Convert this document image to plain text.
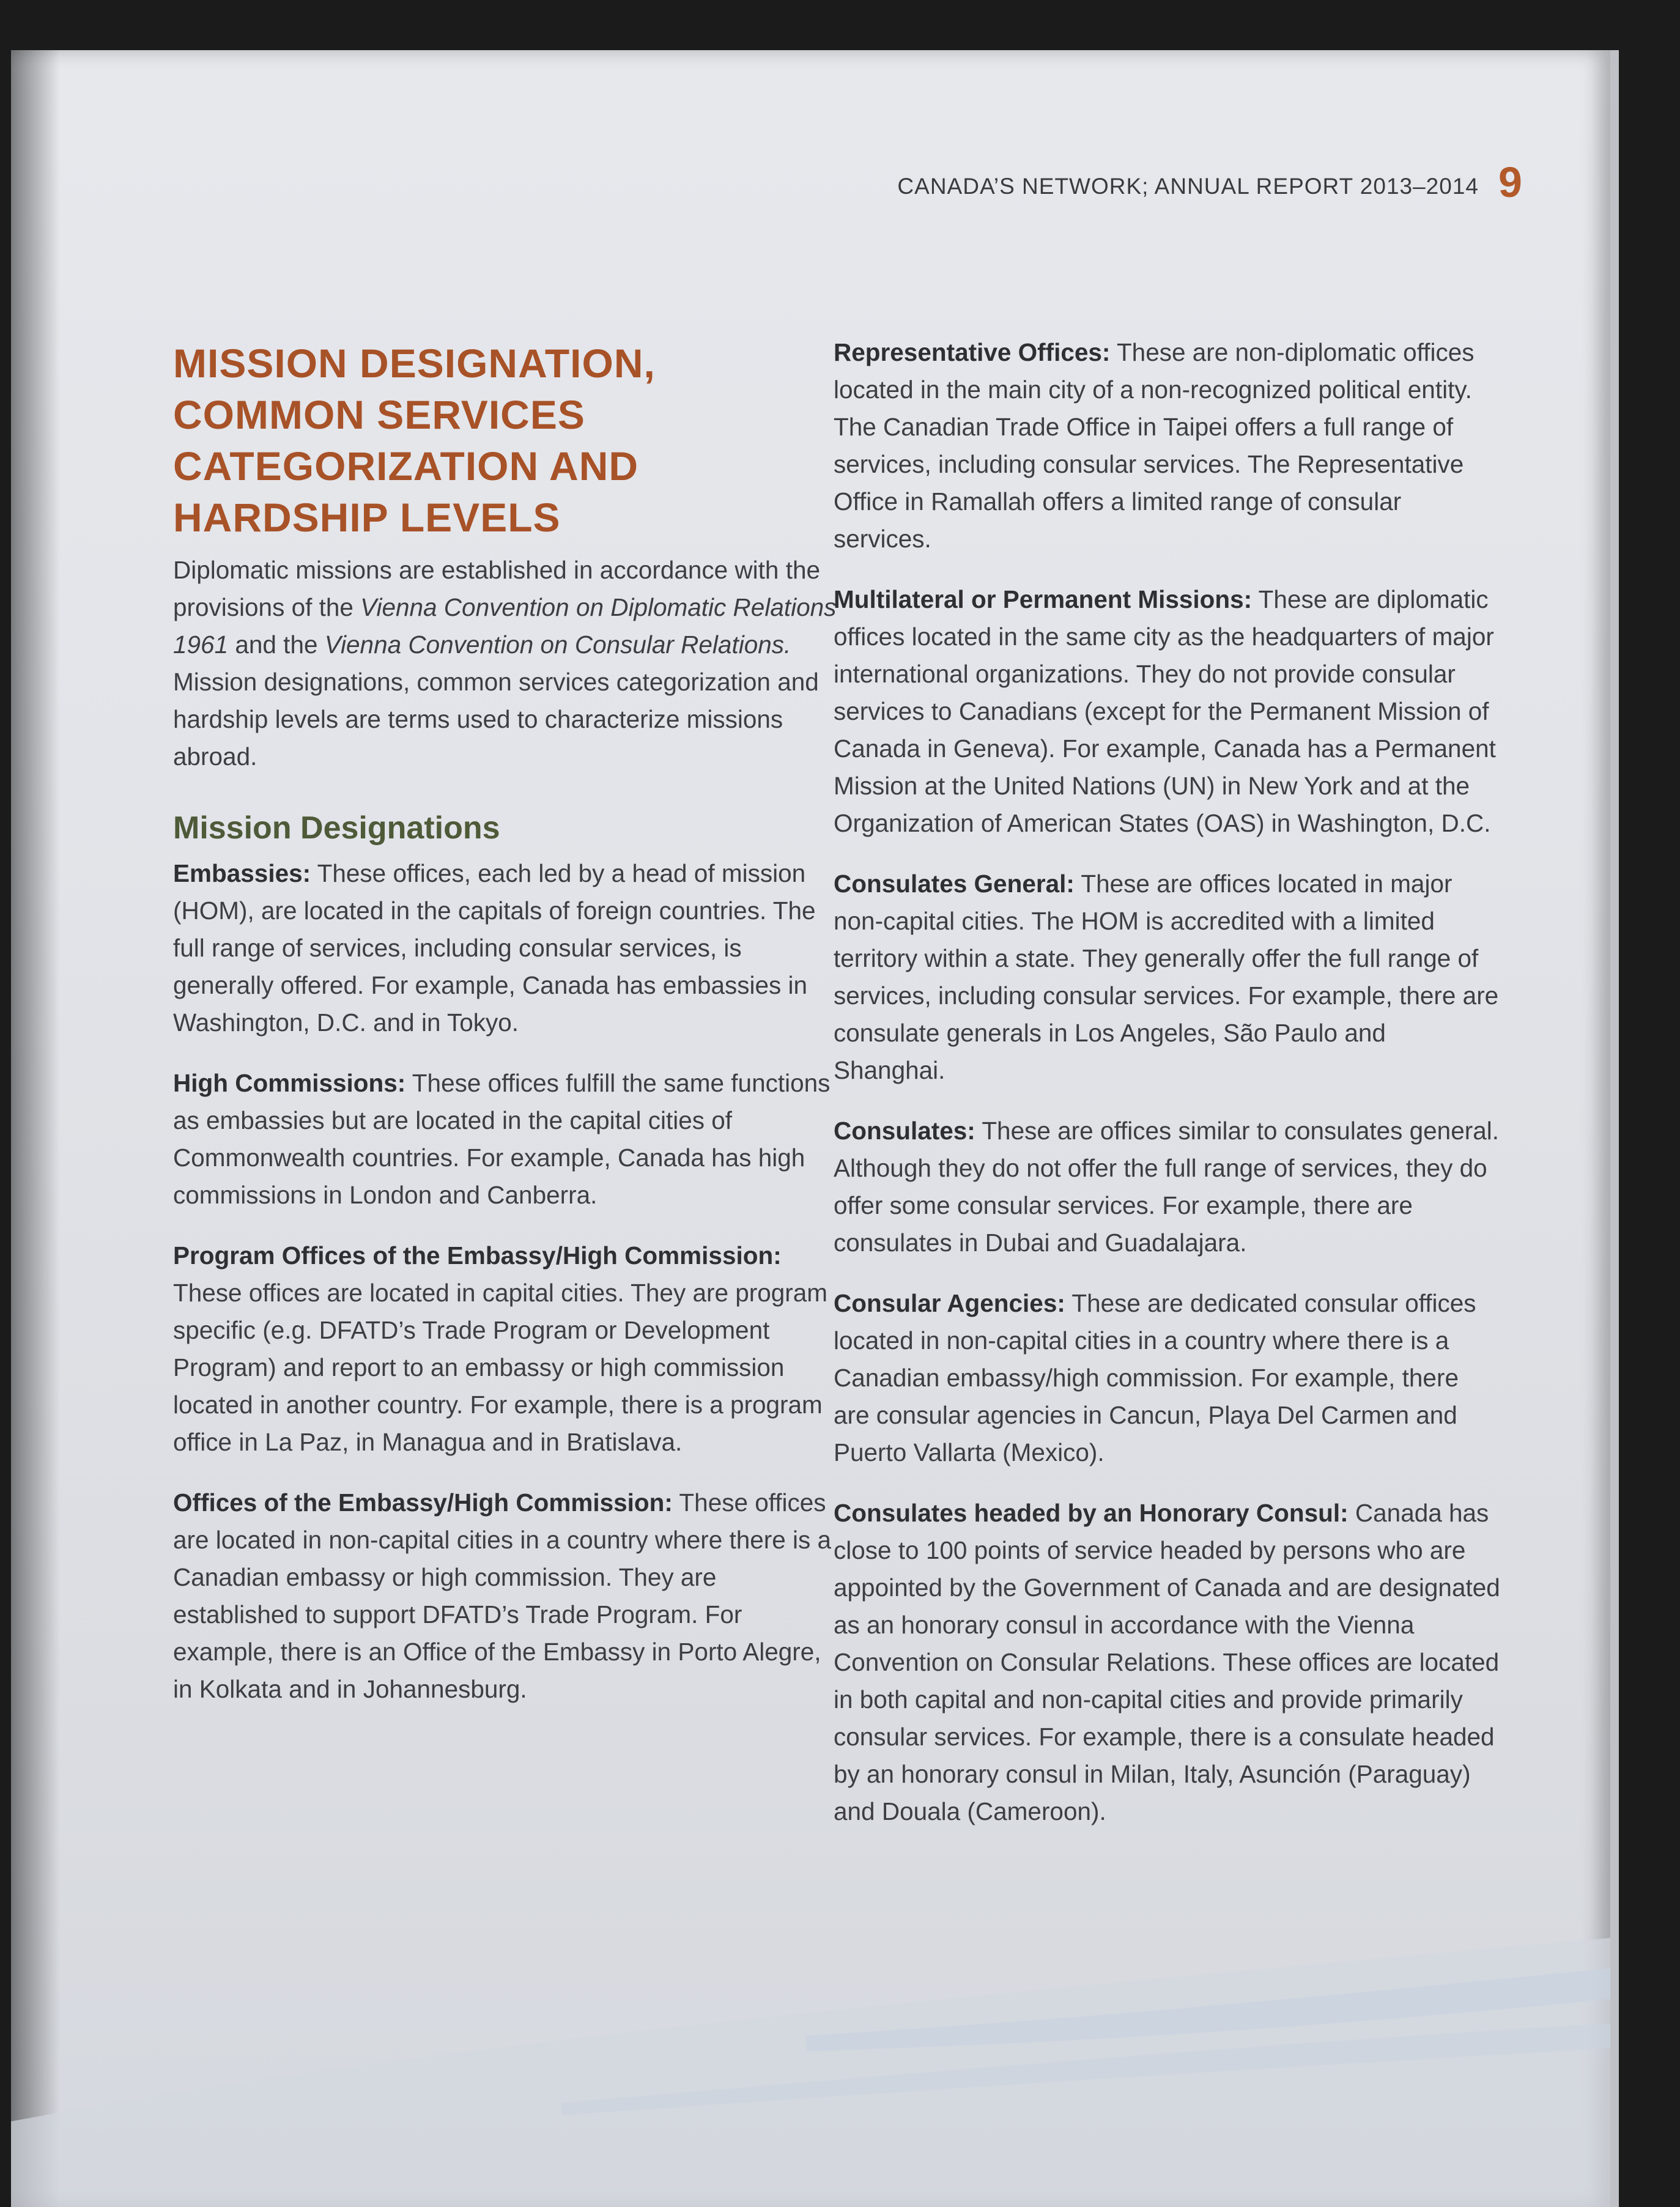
CANADA’S NETWORK; ANNUAL REPORT 2013–2014 9
MISSION DESIGNATION,
COMMON SERVICES
CATEGORIZATION AND
HARDSHIP LEVELS

Diplomatic missions are established in accordance with the provisions of the Vienna Convention on Diplomatic Relations 1961 and the Vienna Convention on Consular Relations. Mission designations, common services categorization and hardship levels are terms used to characterize missions abroad.

Mission Designations

Embassies: These offices, each led by a head of mission (HOM), are located in the capitals of foreign countries. The full range of services, including consular services, is generally offered. For example, Canada has embassies in Washington, D.C. and in Tokyo.

High Commissions: These offices fulfill the same functions as embassies but are located in the capital cities of Commonwealth countries. For example, Canada has high commissions in London and Canberra.

Program Offices of the Embassy/High Commission: These offices are located in capital cities. They are program specific (e.g. DFATD’s Trade Program or Development Program) and report to an embassy or high commission located in another country. For example, there is a program office in La Paz, in Managua and in Bratislava.

Offices of the Embassy/High Commission: These offices are located in non-capital cities in a country where there is a Canadian embassy or high commission. They are established to support DFATD’s Trade Program. For example, there is an Office of the Embassy in Porto Alegre, in Kolkata and in Johannesburg.

Representative Offices: These are non-diplomatic offices located in the main city of a non-recognized political entity. The Canadian Trade Office in Taipei offers a full range of services, including consular services. The Representative Office in Ramallah offers a limited range of consular services.

Multilateral or Permanent Missions: These are diplomatic offices located in the same city as the headquarters of major international organizations. They do not provide consular services to Canadians (except for the Permanent Mission of Canada in Geneva). For example, Canada has a Permanent Mission at the United Nations (UN) in New York and at the Organization of American States (OAS) in Washington, D.C.

Consulates General: These are offices located in major non-capital cities. The HOM is accredited with a limited territory within a state. They generally offer the full range of services, including consular services. For example, there are consulate generals in Los Angeles, São Paulo and Shanghai.

Consulates: These are offices similar to consulates general. Although they do not offer the full range of services, they do offer some consular services. For example, there are consulates in Dubai and Guadalajara.

Consular Agencies: These are dedicated consular offices located in non-capital cities in a country where there is a Canadian embassy/high commission. For example, there are consular agencies in Cancun, Playa Del Carmen and Puerto Vallarta (Mexico).

Consulates headed by an Honorary Consul: Canada has close to 100 points of service headed by persons who are appointed by the Government of Canada and are designated as an honorary consul in accordance with the Vienna Convention on Consular Relations. These offices are located in both capital and non-capital cities and provide primarily consular services. For example, there is a consulate headed by an honorary consul in Milan, Italy, Asunción (Paraguay) and Douala (Cameroon).
